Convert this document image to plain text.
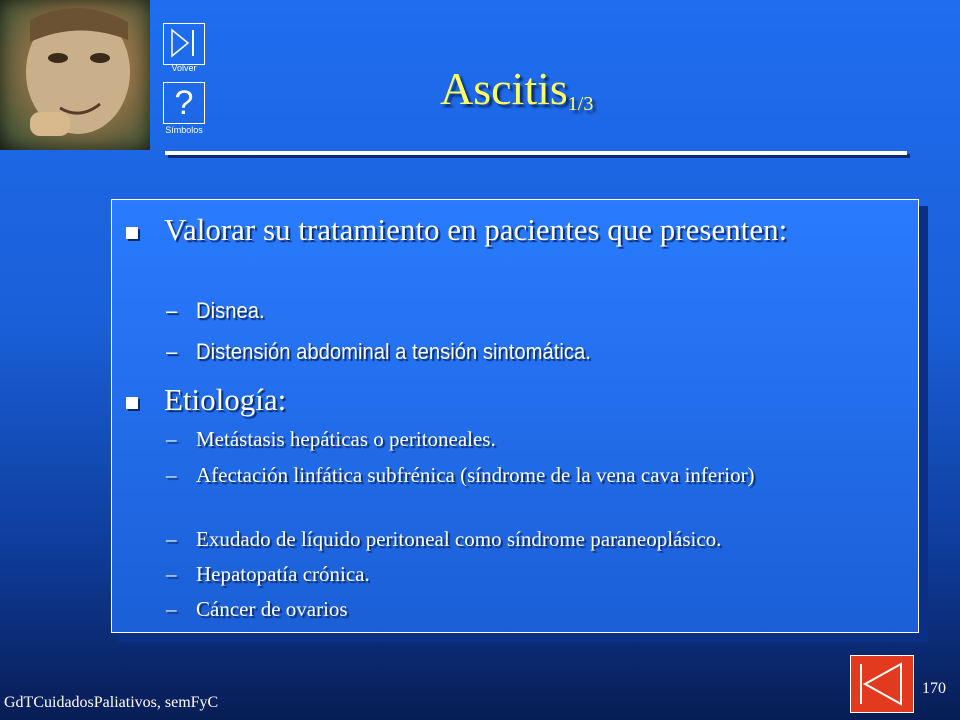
Volver
?
Símbolos
Ascitis$_{1/3}$
Valorar su tratamiento en pacientes que presenten:
– Disnea.
– Distensión abdominal a tensión sintomática.
Etiología:
– Metástasis hepáticas o peritoneales.
– Afectación linfática subfrénica (síndrome de la vena cava inferior)
– Exudado de líquido peritoneal como síndrome paraneoplásico.
– Hepatopatía crónica.
– Cáncer de ovarios
GdTCuidadosPaliativos, semFyC
170
